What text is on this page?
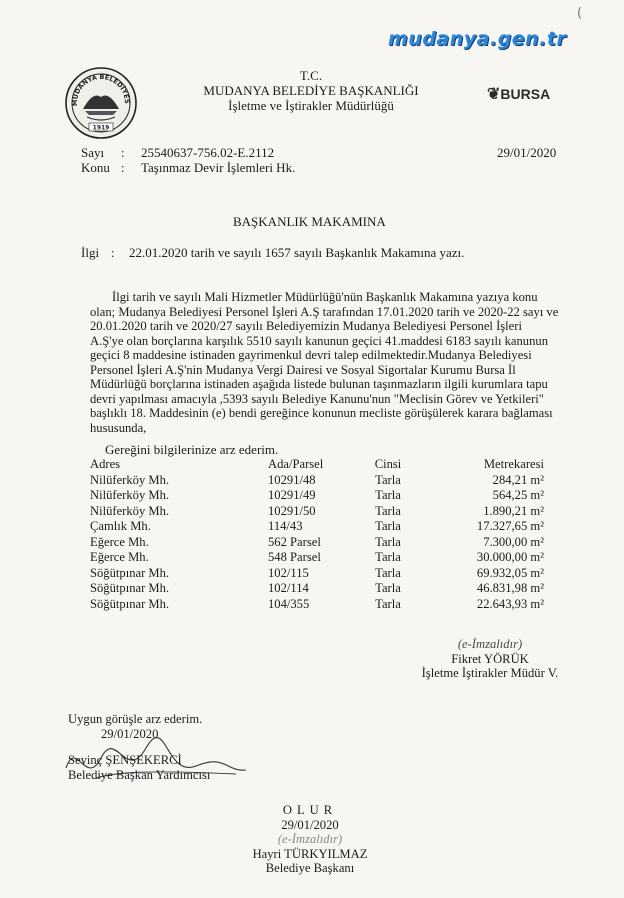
mudanya.gen.tr
(
MUDANYA BELEDİYES
1919
T.C.
MUDANYA BELEDİYE BAŞKANLIĞI
İşletme ve İştirakler Müdürlüğü
❦BURSA
Sayı : 25540637-756.02-E.2112
Konu : Taşınmaz Devir İşlemleri Hk.
29/01/2020
BAŞKANLIK MAKAMINA
İlgi : 22.01.2020 tarih ve sayılı 1657 sayılı Başkanlık Makamına yazı.

İlgi tarih ve sayılı Mali Hizmetler Müdürlüğü'nün Başkanlık Makamına yazıya konu

olan; Mudanya Belediyesi Personel İşleri A.Ş tarafından 17.01.2020 tarih ve 2020-22 sayı ve

20.01.2020 tarih ve 2020/27 sayılı Belediyemizin Mudanya Belediyesi Personel İşleri

A.Ş'ye olan borçlarına karşılık 5510 sayılı kanunun geçici 41.maddesi 6183 sayılı kanunun

geçici 8 maddesine istinaden gayrimenkul devri talep edilmektedir.Mudanya Belediyesi

Personel İşleri A.Ş'nin Mudanya Vergi Dairesi ve Sosyal Sigortalar Kurumu Bursa İl

Müdürlüğü borçlarına istinaden aşağıda listede bulunan taşınmazların ilgili kurumlara tapu

devri yapılması amacıyla ,5393 sayılı Belediye Kanunu'nun "Meclisin Görev ve Yetkileri"

başlıklı 18. Maddesinin (e) bendi gereğince konunun mecliste görüşülerek karara bağlaması

hususunda,

Gereğini bilgilerinize arz ederim.
Adres	Ada/Parsel	Cinsi	Metrekaresi
Nilüferköy Mh.	10291/48	Tarla	284,21 m²
Nilüferköy Mh.	10291/49	Tarla	564,25 m²
Nilüferköy Mh.	10291/50	Tarla	1.890,21 m²
Çamlık Mh.	114/43	Tarla	17.327,65 m²
Eğerce Mh.	562 Parsel	Tarla	7.300,00 m²
Eğerce Mh.	548 Parsel	Tarla	30.000,00 m²
Söğütpınar Mh.	102/115	Tarla	69.932,05 m²
Söğütpınar Mh.	102/114	Tarla	46.831,98 m²
Söğütpınar Mh.	104/355	Tarla	22.643,93 m²
(e-İmzalıdır)
Fikret YÖRÜK
İşletme İştirakler Müdür V.
Uygun görüşle arz ederim.
29/01/2020
Sevinç ŞENŞEKERCİ
Belediye Başkan Yardımcısı
OLUR
29/01/2020
(e-İmzalıdır)
Hayri TÜRKYILMAZ
Belediye Başkanı
